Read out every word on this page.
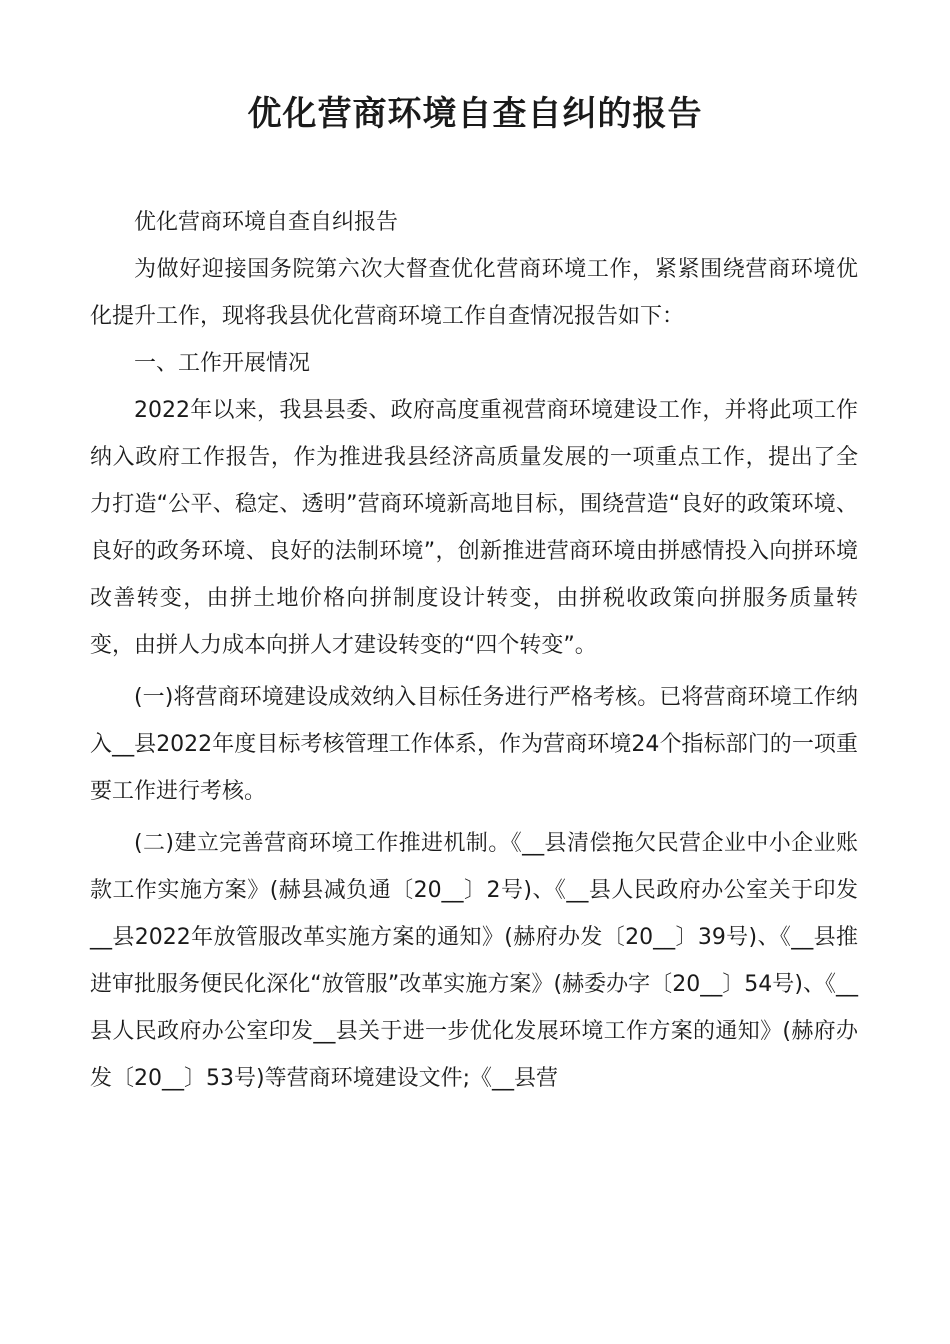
优化营商环境自查自纠的报告

优化营商环境自查自纠报告

为做好迎接国务院第六次大督查优化营商环境工作，紧紧围绕营商环境优化提升工作，现将我县优化营商环境工作自查情况报告如下：

一、工作开展情况

2022年以来，我县县委、政府高度重视营商环境建设工作，并将此项工作纳入政府工作报告，作为推进我县经济高质量发展的一项重点工作，提出了全力打造“公平、稳定、透明”营商环境新高地目标，围绕营造“良好的政策环境、良好的政务环境、良好的法制环境”，创新推进营商环境由拼感情投入向拼环境改善转变，由拼土地价格向拼制度设计转变，由拼税收政策向拼服务质量转变，由拼人力成本向拼人才建设转变的“四个转变”。

(一)将营商环境建设成效纳入目标任务进行严格考核。已将营商环境工作纳入__县2022年度目标考核管理工作体系，作为营商环境24个指标部门的一项重要工作进行考核。

(二)建立完善营商环境工作推进机制。《__县清偿拖欠民营企业中小企业账款工作实施方案》(赫县减负通〔20__〕2号)、《__县人民政府办公室关于印发__县2022年放管服改革实施方案的通知》(赫府办发〔20__〕39号)、《__县推进审批服务便民化深化“放管服”改革实施方案》(赫委办字〔20__〕54号)、《__县人民政府办公室印发__县关于进一步优化发展环境工作方案的通知》(赫府办发〔20__〕53号)等营商环境建设文件;《__县营
